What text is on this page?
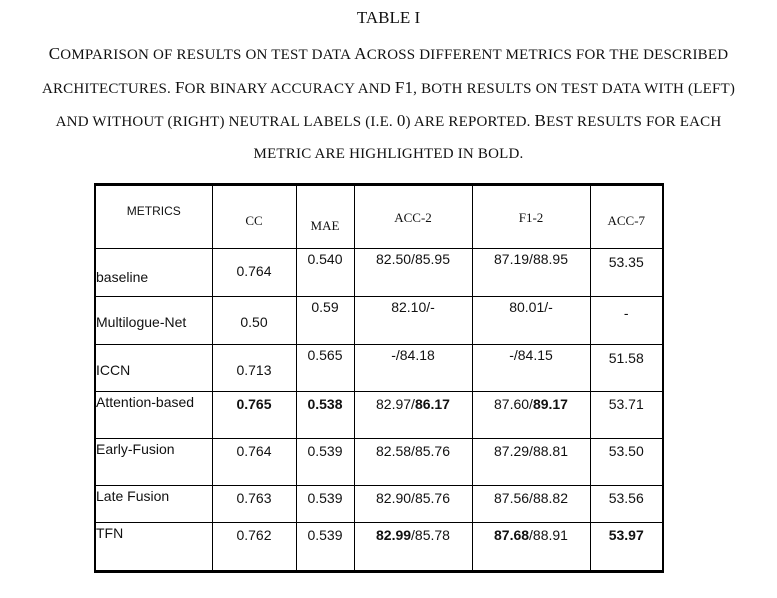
TABLE I
COMPARISON OF RESULTS ON TEST DATA ACROSS DIFFERENT METRICS FOR THE DESCRIBED
ARCHITECTURES. FOR BINARY ACCURACY AND F1, BOTH RESULTS ON TEST DATA WITH (LEFT)
AND WITHOUT (RIGHT) NEUTRAL LABELS (I.E. 0) ARE REPORTED. BEST RESULTS FOR EACH
METRIC ARE HIGHLIGHTED IN BOLD.
METRICS	CC	MAE	ACC-2	F1-2	ACC-7
baseline	0.764	0.540	82.50/85.95	87.19/88.95	53.35
Multilogue-Net	0.50	0.59	82.10/-	80.01/-	-
ICCN	0.713	0.565	-/84.18	-/84.15	51.58
Attention-based	0.765	0.538	82.97/86.17	87.60/89.17	53.71
Early-Fusion	0.764	0.539	82.58/85.76	87.29/88.81	53.50
Late Fusion	0.763	0.539	82.90/85.76	87.56/88.82	53.56
TFN	0.762	0.539	82.99/85.78	87.68/88.91	53.97
